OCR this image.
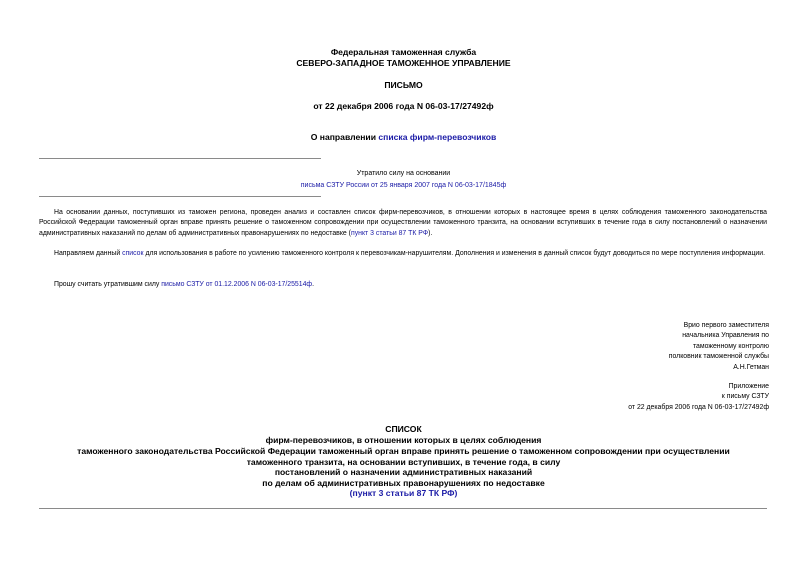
Федеральная таможенная служба
СЕВЕРО-ЗАПАДНОЕ ТАМОЖЕННОЕ УПРАВЛЕНИЕ
ПИСЬМО
от 22 декабря 2006 года N 06-03-17/27492ф
О направлении списка фирм-перевозчиков
Утратило силу на основании
письма СЗТУ России от 25 января 2007 года N 06-03-17/1845ф
На основании данных, поступивших из таможен региона, проведен анализ и составлен список фирм-перевозчиков, в отношении которых в настоящее время в целях соблюдения таможенного законодательства Российской Федерации таможенный орган вправе принять решение о таможенном сопровождении при осуществлении таможенного транзита, на основании вступивших в течение года в силу постановлений о назначении административных наказаний по делам об административных правонарушениях по недоставке (пункт 3 статьи 87 ТК РФ).
Направляем данный список для использования в работе по усилению таможенного контроля к перевозчикам-нарушителям. Дополнения и изменения в данный список будут доводиться по мере поступления информации.
Прошу считать утратившим силу письмо СЗТУ от 01.12.2006 N 06-03-17/25514ф.
Врио первого заместителя
начальника Управления по
таможенному контролю
полковник таможенной службы
А.Н.Гетман
Приложение
к письму СЗТУ
от 22 декабря 2006 года N 06-03-17/27492ф
СПИСОК
фирм-перевозчиков, в отношении которых в целях соблюдения
таможенного законодательства Российской Федерации таможенный орган вправе принять решение о таможенном сопровождении при осуществлении
таможенного транзита, на основании вступивших, в течение года, в силу
постановлений о назначении административных наказаний
по делам об административных правонарушениях по недоставке
(пункт 3 статьи 87 ТК РФ)
